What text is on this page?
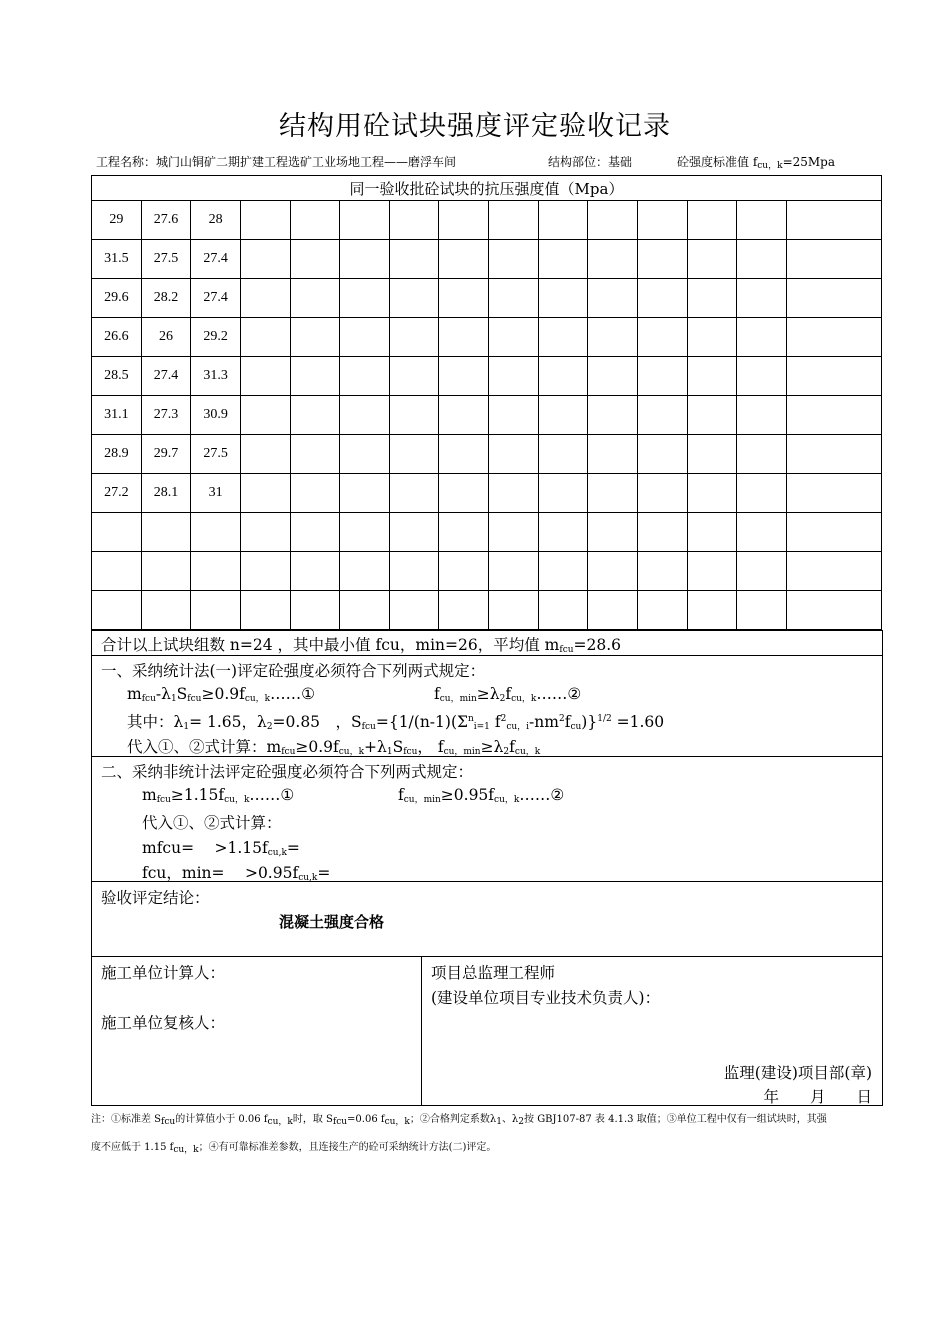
结构用砼试块强度评定验收记录
工程名称：城门山铜矿二期扩建工程选矿工业场地工程——磨浮车间	结构部位：基础	砼强度标准值 fcu，k=25Mpa
同一验收批砼试块的抗压强度值（Mpa）														
29	27.6	28												
31.5	27.5	27.4												
29.6	28.2	27.4												
26.6	26	29.2												
28.5	27.4	31.3												
31.1	27.3	30.9												
28.9	29.7	27.5												
27.2	28.1	31												

合计以上试块组数 n=24 ，其中最小值 fcu，min=26，平均值 mfcu=28.6
一、采纳统计法(一)评定砼强度必须符合下列两式规定：
mfcu-λ1Sfcu≥0.9fcu，k……①	fcu，min≥λ2fcu，k……②
其中：λ1= 1.65，λ2=0.85　，$Sfcu=\{1/(n-1)(\Sigma^ni=1$ $f^2cu$，$i-nm^2fcu)\}^{1/2} =1.60$
代入①、②式计算：mfcu≥0.9fcu，k+λ1Sfcu， fcu，min≥λ2fcu，k
二、采纳非统计法评定砼强度必须符合下列两式规定：
mfcu≥1.15fcu，k……①	fcu，min≥0.95fcu，k……②
代入①、②式计算：
mfcu=　 >1.15fcu,k=
fcu，min=　 >0.95fcu,k=
验收评定结论：
混凝土强度合格
施工单位计算人：
施工单位复核人：
项目总监理工程师
(建设单位项目专业技术负责人)：
监理(建设)项目部(章)
年　　月　　日
注：①标准差 Sfcu的计算值小于 0.06 fcu，k时，取 Sfcu=0.06 fcu，k；②合格判定系数λ1、λ2按 GBJ107-87 表 4.1.3 取值；③单位工程中仅有一组试块时，其强
度不应低于 1.15 fcu，k；④有可靠标准差参数，且连接生产的砼可采纳统计方法(二)评定。
